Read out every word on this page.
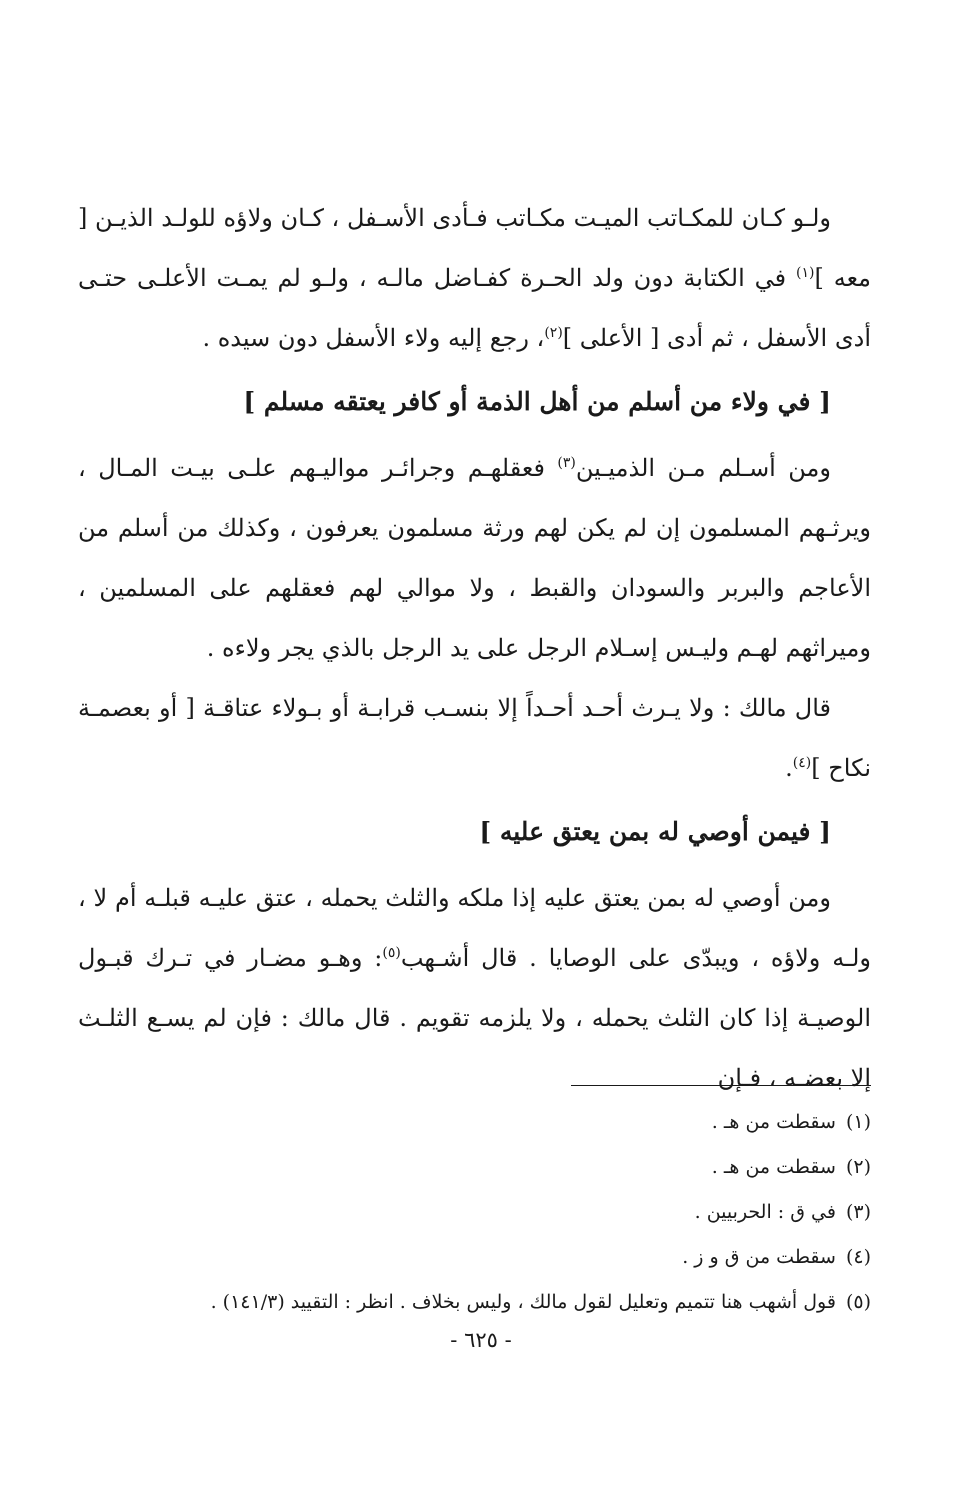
ولـو كـان للمكـاتب الميـت مكـاتب فـأدى الأسـفل ، كـان ولاؤه للولـد الذيـن [ معه ]$^{(١)}$ في الكتابة دون ولد الحـرة كفـاضل مالـه ، ولـو لم يمـت الأعلـى حتـى أدى الأسفل ، ثم أدى [ الأعلى ]$^{(٢)}$، رجع إليه ولاء الأسفل دون سيده .

[ في ولاء من أسلم من أهل الذمة أو كافر يعتقه مسلم ]

ومن أسـلم مـن الذميـين$^{(٣)}$ فعقلهـم وجرائـر مواليـهم علـى بيـت المـال ، ويرثـهم المسلمون إن لم يكن لهم ورثة مسلمون يعرفون ، وكذلك من أسلم من الأعاجم والبربر والسودان والقبط ، ولا موالي لهم فعقلهم على المسلمين ، وميراثهم لهـم وليـس إسـلام الرجل على يد الرجل بالذي يجر ولاءه .

قال مالك : ولا يـرث أحـد أحـداً إلا بنسـب قرابـة أو بـولاء عتاقـة [ أو بعصمـة نكاح ]$^{(٤)}$.

[ فيمن أوصي له بمن يعتق عليه ]

ومن أوصي له بمن يعتق عليه إذا ملكه والثلث يحمله ، عتق عليـه قبلـه أم لا ، ولـه ولاؤه ، ويبدّى على الوصايا . قال أشـهب$^{(٥)}$: وهـو مضـار في تـرك قبـول الوصيـة إذا كان الثلث يحمله ، ولا يلزمه تقويم . قال مالك : فإن لم يسـع الثلـث إلا بعضـه ، فـإن

(١)سقطت من هـ .
(٢)سقطت من هـ .
(٣)في ق : الحربيين .
(٤)سقطت من ق و ز .
(٥)قول أشهب هنا تتميم وتعليل لقول مالك ، وليس بخلاف . انظر : التقييد (١٤١/٣) .
- ٦٢٥ -
